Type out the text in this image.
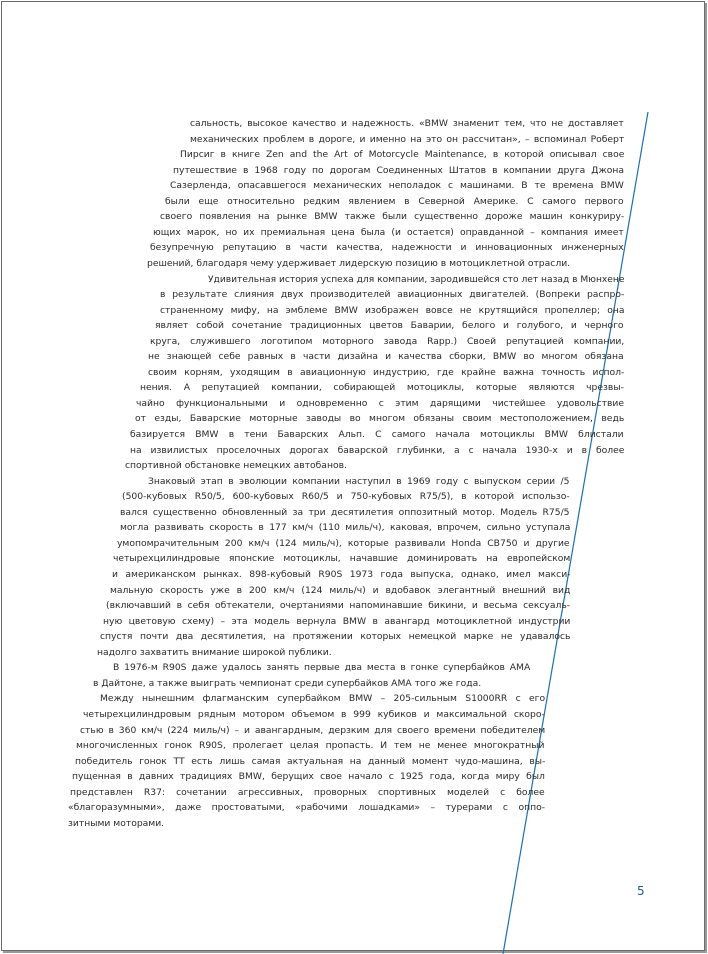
сальность, высокое качество и надежность. «BMW знаменит тем, что не доставляет
механических проблем в дороге, и именно на это он рассчитан», – вспоминал Роберт
Пирсиг в книге Zen and the Art of Motorcycle Maintenance, в которой описывал свое
путешествие в 1968 году по дорогам Соединенных Штатов в компании друга Джона
Сазерленда, опасавшегося механических неполадок с машинами. В те времена BMW
были еще относительно редким явлением в Северной Америке. С самого первого
своего появления на рынке BMW также были существенно дороже машин конкуриру-
ющих марок, но их премиальная цена была (и остается) оправданной – компания имеет
безупречную репутацию в части качества, надежности и инновационных инженерных
решений, благодаря чему удерживает лидерскую позицию в мотоциклетной отрасли.
Удивительная история успеха для компании, зародившейся сто лет назад в Мюнхене
в результате слияния двух производителей авиационных двигателей. (Вопреки распро-
страненному мифу, на эмблеме BMW изображен вовсе не крутящийся пропеллер; она
являет собой сочетание традиционных цветов Баварии, белого и голубого, и черного
круга, служившего логотипом моторного завода Rapp.) Своей репутацией компании,
не знающей себе равных в части дизайна и качества сборки, BMW во многом обязана
своим корням, уходящим в авиационную индустрию, где крайне важна точность испол-
нения. А репутацией компании, собирающей мотоциклы, которые являются чрезвы-
чайно функциональными и одновременно с этим дарящими чистейшее удовольствие
от езды, Баварские моторные заводы во многом обязаны своим местоположением, ведь
базируется BMW в тени Баварских Альп. С самого начала мотоциклы BMW блистали
на извилистых проселочных дорогах баварской глубинки, а с начала 1930-х и в более
спортивной обстановке немецких автобанов.
Знаковый этап в эволюции компании наступил в 1969 году с выпуском серии /5
(500-кубовых R50/5, 600-кубовых R60/5 и 750-кубовых R75/5), в которой использо-
вался существенно обновленный за три десятилетия оппозитный мотор. Модель R75/5
могла развивать скорость в 177 км/ч (110 миль/ч), каковая, впрочем, сильно уступала
умопомрачительным 200 км/ч (124 миль/ч), которые развивали Honda CB750 и другие
четырехцилиндровые японские мотоциклы, начавшие доминировать на европейском
и американском рынках. 898-кубовый R90S 1973 года выпуска, однако, имел макси-
мальную скорость уже в 200 км/ч (124 миль/ч) и вдобавок элегантный внешний вид
(включавший в себя обтекатели, очертаниями напоминавшие бикини, и весьма сексуаль-
ную цветовую схему) – эта модель вернула BMW в авангард мотоциклетной индустрии
спустя почти два десятилетия, на протяжении которых немецкой марке не удавалось
надолго захватить внимание широкой публики.
В 1976-м R90S даже удалось занять первые два места в гонке супербайков AMA
в Дайтоне, а также выиграть чемпионат среди супербайков AMA того же года.
Между нынешним флагманским супербайком BMW – 205-сильным S1000RR с его
четырехцилиндровым рядным мотором объемом в 999 кубиков и максимальной скоро-
стью в 360 км/ч (224 миль/ч) – и авангардным, дерзким для своего времени победителем
многочисленных гонок R90S, пролегает целая пропасть. И тем не менее многократный
победитель гонок TT есть лишь самая актуальная на данный момент чудо-машина, вы-
пущенная в давних традициях BMW, берущих свое начало с 1925 года, когда миру был
представлен R37: сочетании агрессивных, проворных спортивных моделей с более
«благоразумными», даже простоватыми, «рабочими лошадками» – турерами с оппо-
зитными моторами.
5
